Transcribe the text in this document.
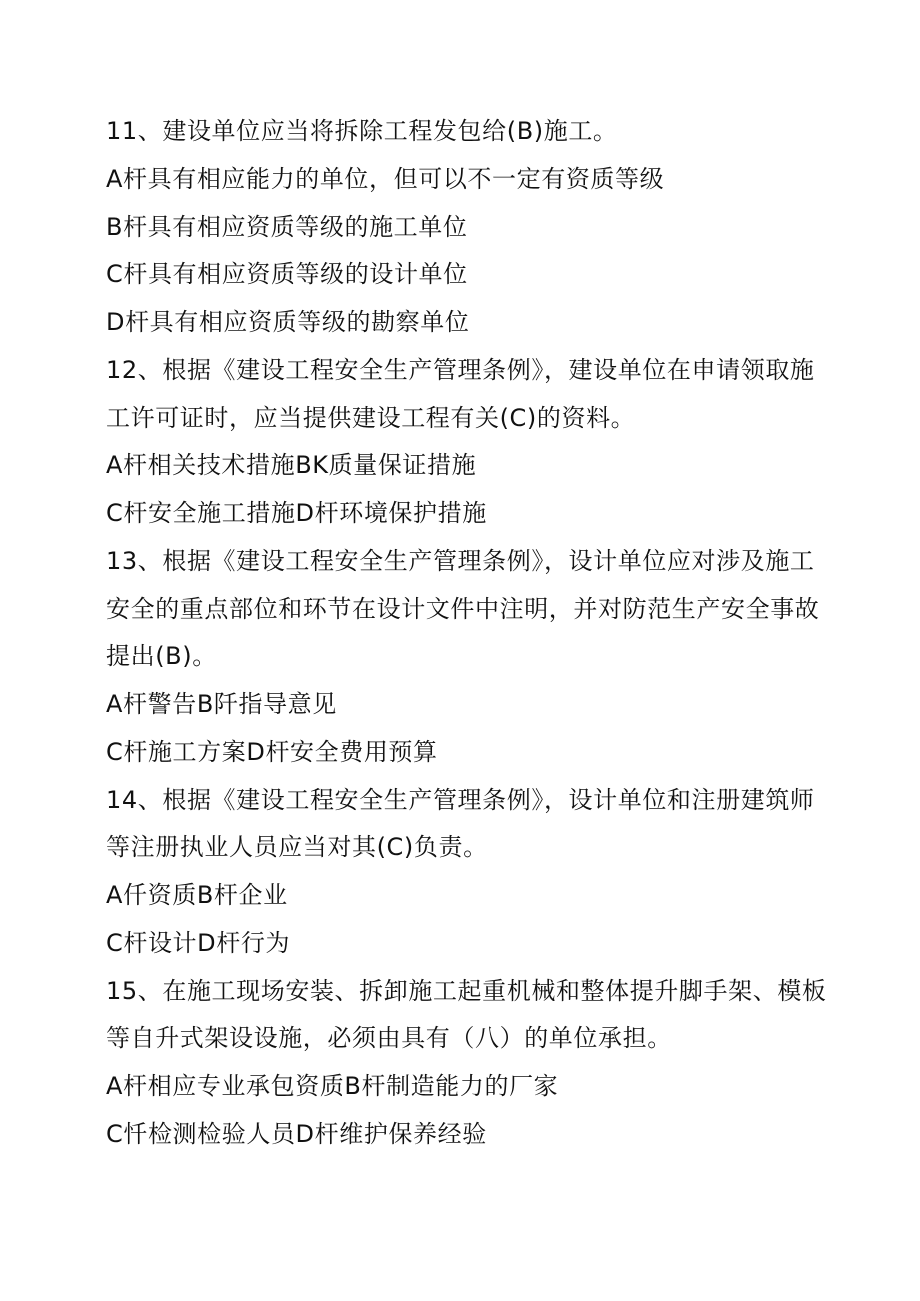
11、建设单位应当将拆除工程发包给(B)施工。
A杆具有相应能力的单位，但可以不一定有资质等级
B杆具有相应资质等级的施工单位
C杆具有相应资质等级的设计单位
D杆具有相应资质等级的勘察单位
12、根据《建设工程安全生产管理条例》，建设单位在申请领取施
工许可证时，应当提供建设工程有关(C)的资料。
A杆相关技术措施BK质量保证措施
C杆安全施工措施D杆环境保护措施
13、根据《建设工程安全生产管理条例》，设计单位应对涉及施工
安全的重点部位和环节在设计文件中注明，并对防范生产安全事故
提出(B)。
A杆警告B阡指导意见
C杆施工方案D杆安全费用预算
14、根据《建设工程安全生产管理条例》，设计单位和注册建筑师
等注册执业人员应当对其(C)负责。
A仟资质B杆企业
C杆设计D杆行为
15、在施工现场安装、拆卸施工起重机械和整体提升脚手架、模板
等自升式架设设施，必须由具有（八）的单位承担。
A杆相应专业承包资质B杆制造能力的厂家
C忏检测检验人员D杆维护保养经验
